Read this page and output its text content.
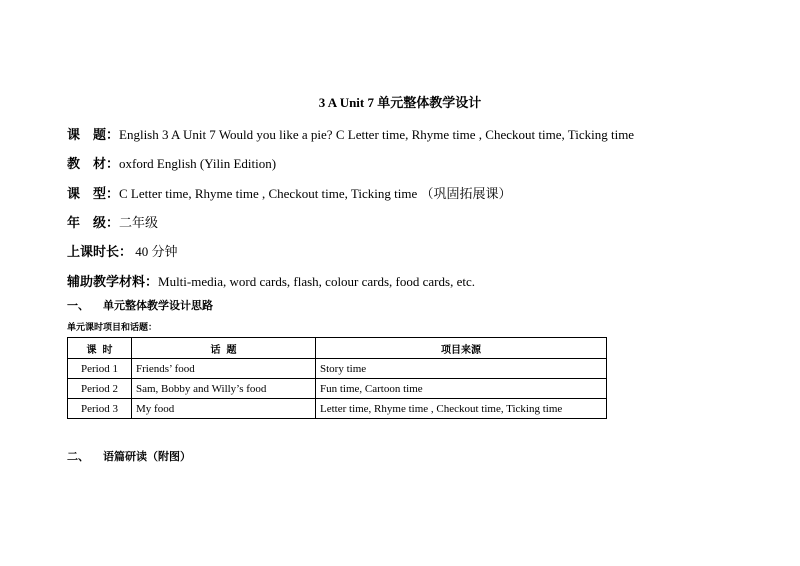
3 A Unit 7 单元整体教学设计
课　题：English 3 A Unit 7 Would you like a pie? C Letter time, Rhyme time , Checkout time, Ticking time
教　材：oxford English (Yilin Edition)
课　型：C Letter time, Rhyme time , Checkout time, Ticking time （巩固拓展课）
年　级：二年级
上课时长： 40 分钟
辅助教学材料：Multi-media, word cards, flash, colour cards, food cards, etc.
一、 单元整体教学设计思路
单元课时项目和话题：
课 时	话 题	项目来源
Period 1	Friends’ food	Story time
Period 2	Sam, Bobby and Willy’s food	Fun time, Cartoon time
Period 3	My food	Letter time, Rhyme time , Checkout time, Ticking time
二、 语篇研读（附图）
